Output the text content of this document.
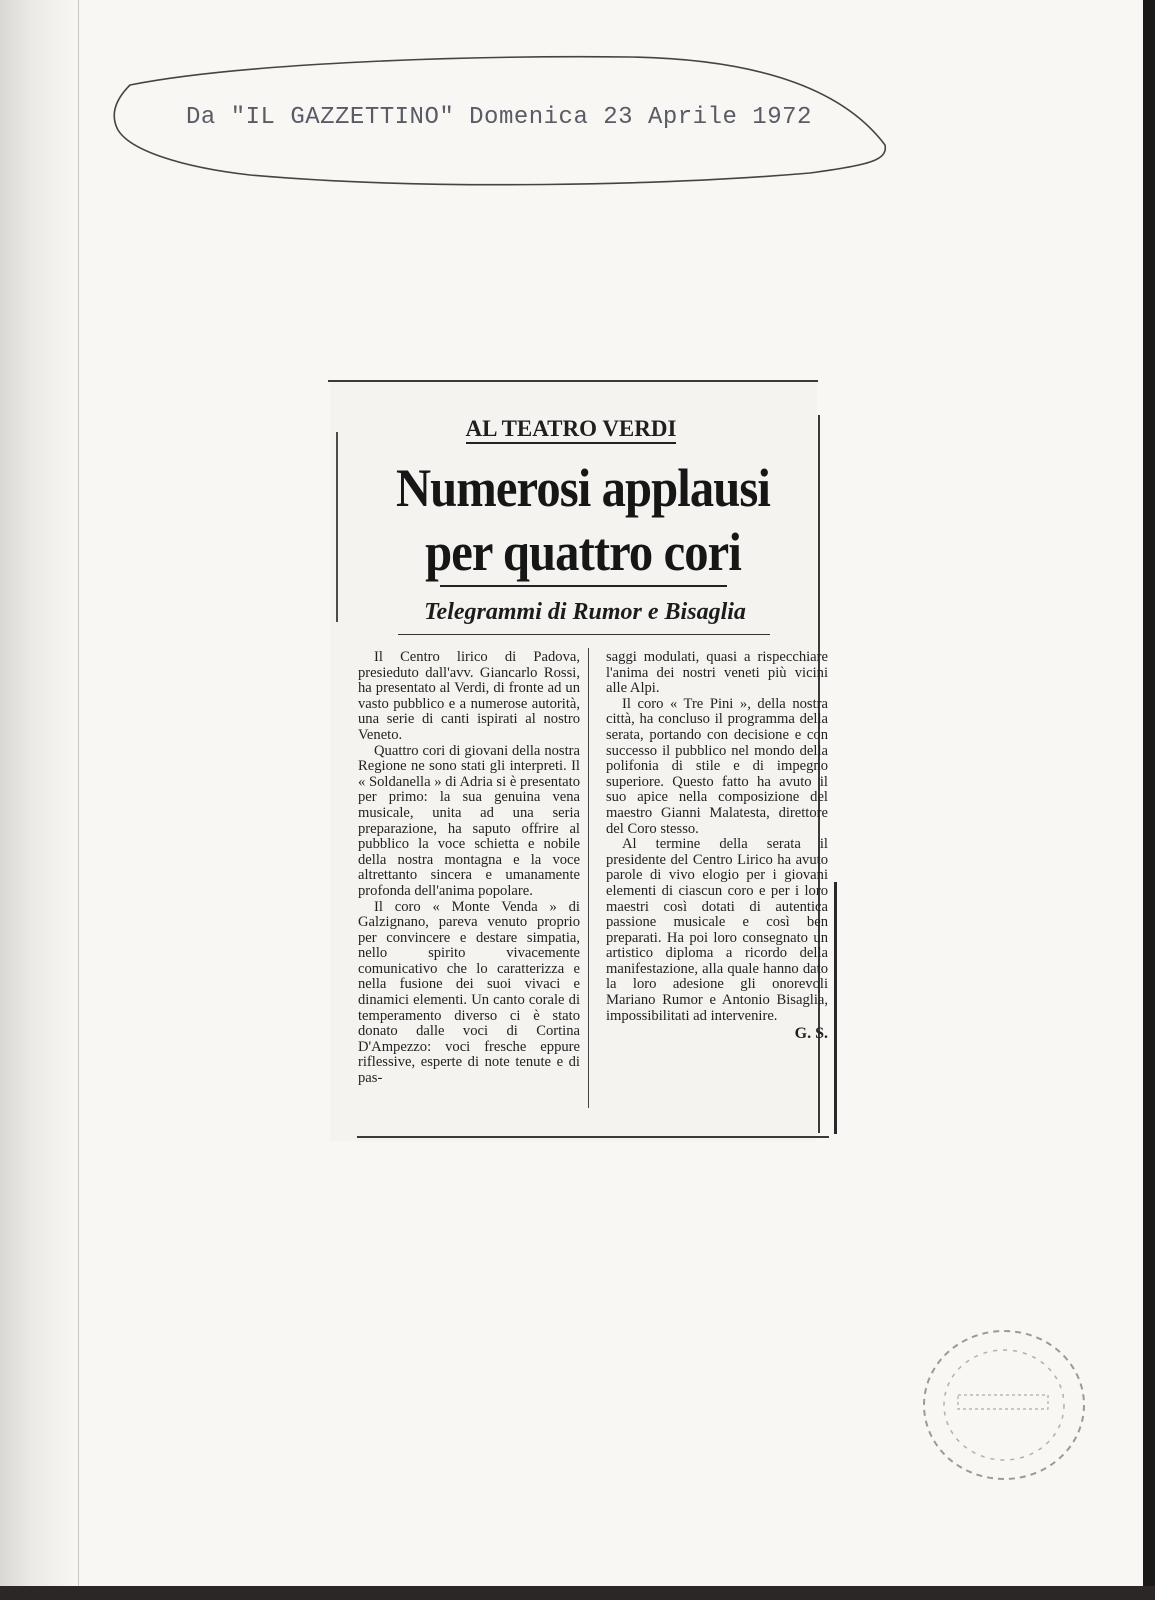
Da "IL GAZZETTINO" Domenica 23 Aprile 1972
AL TEATRO VERDI
Numerosi applausi
per quattro cori
Telegrammi di Rumor e Bisaglia

Il Centro lirico di Padova, presieduto dall'avv. Giancarlo Rossi, ha presentato al Verdi, di fronte ad un vasto pubblico e a numerose autorità, una serie di canti ispirati al nostro Veneto.

Quattro cori di giovani della nostra Regione ne sono stati gli interpreti. Il « Soldanella » di Adria si è presentato per primo: la sua genuina vena musicale, unita ad una seria preparazione, ha saputo offrire al pubblico la voce schietta e nobile della nostra montagna e la voce altrettanto sincera e umanamente profonda dell'anima popolare.

Il coro « Monte Venda » di Galzignano, pareva venuto proprio per convincere e destare simpatia, nello spirito vivacemente comunicativo che lo caratterizza e nella fusione dei suoi vivaci e dinamici elementi. Un canto corale di temperamento diverso ci è stato donato dalle voci di Cortina D'Ampezzo: voci fresche eppure riflessive, esperte di note tenute e di pas-

saggi modulati, quasi a rispecchiare l'anima dei nostri veneti più vicini alle Alpi.

Il coro « Tre Pini », della nostra città, ha concluso il programma della serata, portando con decisione e con successo il pubblico nel mondo della polifonia di stile e di impegno superiore. Questo fatto ha avuto il suo apice nella composizione del maestro Gianni Malatesta, direttore del Coro stesso.

Al termine della serata il presidente del Centro Lirico ha avuto parole di vivo elogio per i giovani elementi di ciascun coro e per i loro maestri così dotati di autentica passione musicale e così ben preparati. Ha poi loro consegnato un artistico diploma a ricordo della manifestazione, alla quale hanno dato la loro adesione gli onorevoli Mariano Rumor e Antonio Bisaglia, impossibilitati ad intervenire.

G. S.
